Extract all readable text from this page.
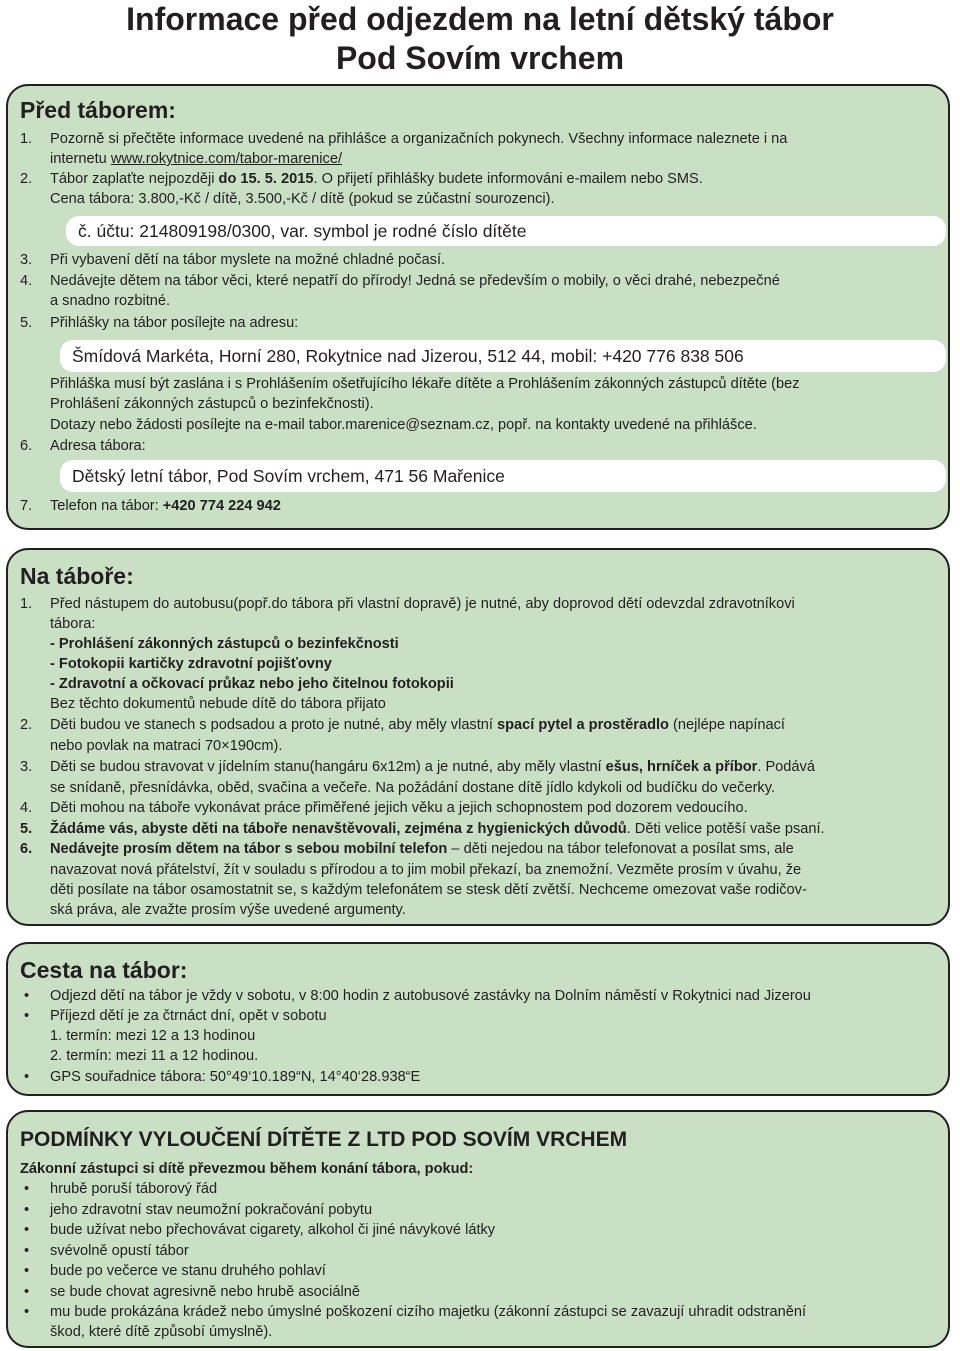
Informace před odjezdem na letní dětský tábor
Pod Sovím vrchem
Před táborem:
1. Pozorně si přečtěte informace uvedené na přihlášce a organizačních pokynech. Všechny informace naleznete i na
internetu www.rokytnice.com/tabor-marenice/
2. Tábor zaplaťte nejpozději do 15. 5. 2015. O přijetí přihlášky budete informováni e-mailem nebo SMS.
Cena tábora: 3.800,-Kč / dítě, 3.500,-Kč / dítě (pokud se zúčastní sourozenci).
č. účtu: 214809198/0300, var. symbol je rodné číslo dítěte
3. Při vybavení dětí na tábor myslete na možné chladné počasí.
4. Nedávejte dětem na tábor věci, které nepatří do přírody! Jedná se především o mobily, o věci drahé, nebezpečné
a snadno rozbitné.
5. Přihlášky na tábor posílejte na adresu:
Šmídová Markéta, Horní 280, Rokytnice nad Jizerou, 512 44, mobil: +420 776 838 506
Přihláška musí být zaslána i s Prohlášením ošetřujícího lékaře dítěte a Prohlášením zákonných zástupců dítěte (bez
Prohlášení zákonných zástupců o bezinfekčnosti).
Dotazy nebo žádosti posílejte na e-mail tabor.marenice@seznam.cz, popř. na kontakty uvedené na přihlášce.
6. Adresa tábora:
Dětský letní tábor, Pod Sovím vrchem, 471 56 Mařenice
7. Telefon na tábor: +420 774 224 942
Na táboře:
1. Před nástupem do autobusu(popř.do tábora při vlastní dopravě) je nutné, aby doprovod dětí odevzdal zdravotníkovi
tábora:
- Prohlášení zákonných zástupců o bezinfekčnosti
- Fotokopii kartičky zdravotní pojišťovny
- Zdravotní a očkovací průkaz nebo jeho čitelnou fotokopii
Bez těchto dokumentů nebude dítě do tábora přijato
2. Děti budou ve stanech s podsadou a proto je nutné, aby měly vlastní spací pytel a prostěradlo (nejlépe napínací
nebo povlak na matraci 70×190cm).
3. Děti se budou stravovat v jídelním stanu(hangáru 6x12m) a je nutné, aby měly vlastní ešus, hrníček a příbor. Podává
se snídaně, přesnídávka, oběd, svačina a večeře. Na požádání dostane dítě jídlo kdykoli od budíčku do večerky.
4. Děti mohou na táboře vykonávat práce přiměřené jejich věku a jejich schopnostem pod dozorem vedoucího.
5. Žádáme vás, abyste děti na táboře nenavštěvovali, zejména z hygienických důvodů. Děti velice potěší vaše psaní.
6. Nedávejte prosím dětem na tábor s sebou mobilní telefon – děti nejedou na tábor telefonovat a posílat sms, ale
navazovat nová přátelství, žít v souladu s přírodou a to jim mobil překazí, ba znemožní. Vezměte prosím v úvahu, že
děti posílate na tábor osamostatnit se, s každým telefonátem se stesk dětí zvětší. Nechceme omezovat vaše rodičov-
ská práva, ale zvažte prosím výše uvedené argumenty.
Cesta na tábor:
• Odjezd dětí na tábor je vždy v sobotu, v 8:00 hodin z autobusové zastávky na Dolním náměstí v Rokytnici nad Jizerou
• Příjezd dětí je za čtrnáct dní, opět v sobotu
1. termín: mezi 12 a 13 hodinou
2. termín: mezi 11 a 12 hodinou.
• GPS souřadnice tábora: 50°49‘10.189“N, 14°40‘28.938“E
PODMÍNKY VYLOUČENÍ DÍTĚTE Z LTD POD SOVÍM VRCHEM
Zákonní zástupci si dítě převezmou během konání tábora, pokud:
• hrubě poruší táborový řád
• jeho zdravotní stav neumožní pokračování pobytu
• bude užívat nebo přechovávat cigarety, alkohol či jiné návykové látky
• svévolně opustí tábor
• bude po večerce ve stanu druhého pohlaví
• se bude chovat agresivně nebo hrubě asociálně
• mu bude prokázána krádež nebo úmyslné poškození cizího majetku (zákonní zástupci se zavazují uhradit odstranění
škod, které dítě způsobí úmyslně).
